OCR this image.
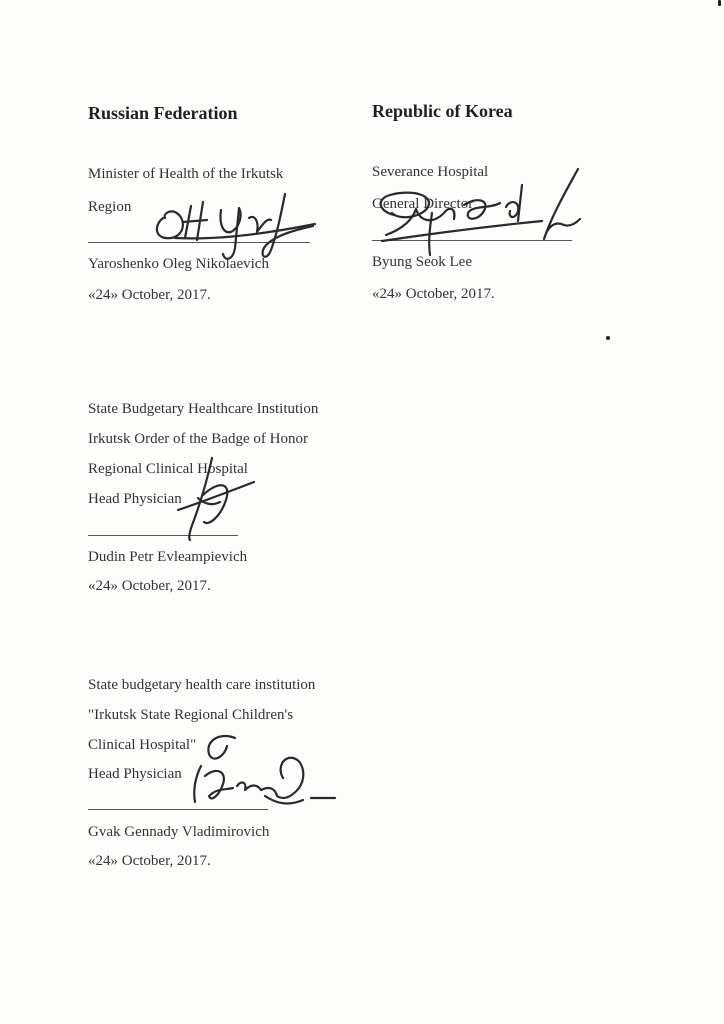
Russian Federation
Minister of Health of the Irkutsk
Region
Yaroshenko Oleg Nikolaevich
«24» October, 2017.
Republic of Korea
Severance Hospital
General Director
Byung Seok Lee
«24» October, 2017.
State Budgetary Healthcare Institution
Irkutsk Order of the Badge of Honor
Regional Clinical Hospital
Head Physician
Dudin Petr Evleampievich
«24» October, 2017.
State budgetary health care institution
"Irkutsk State Regional Children's
Clinical Hospital"
Head Physician
Gvak Gennady Vladimirovich
«24» October, 2017.
